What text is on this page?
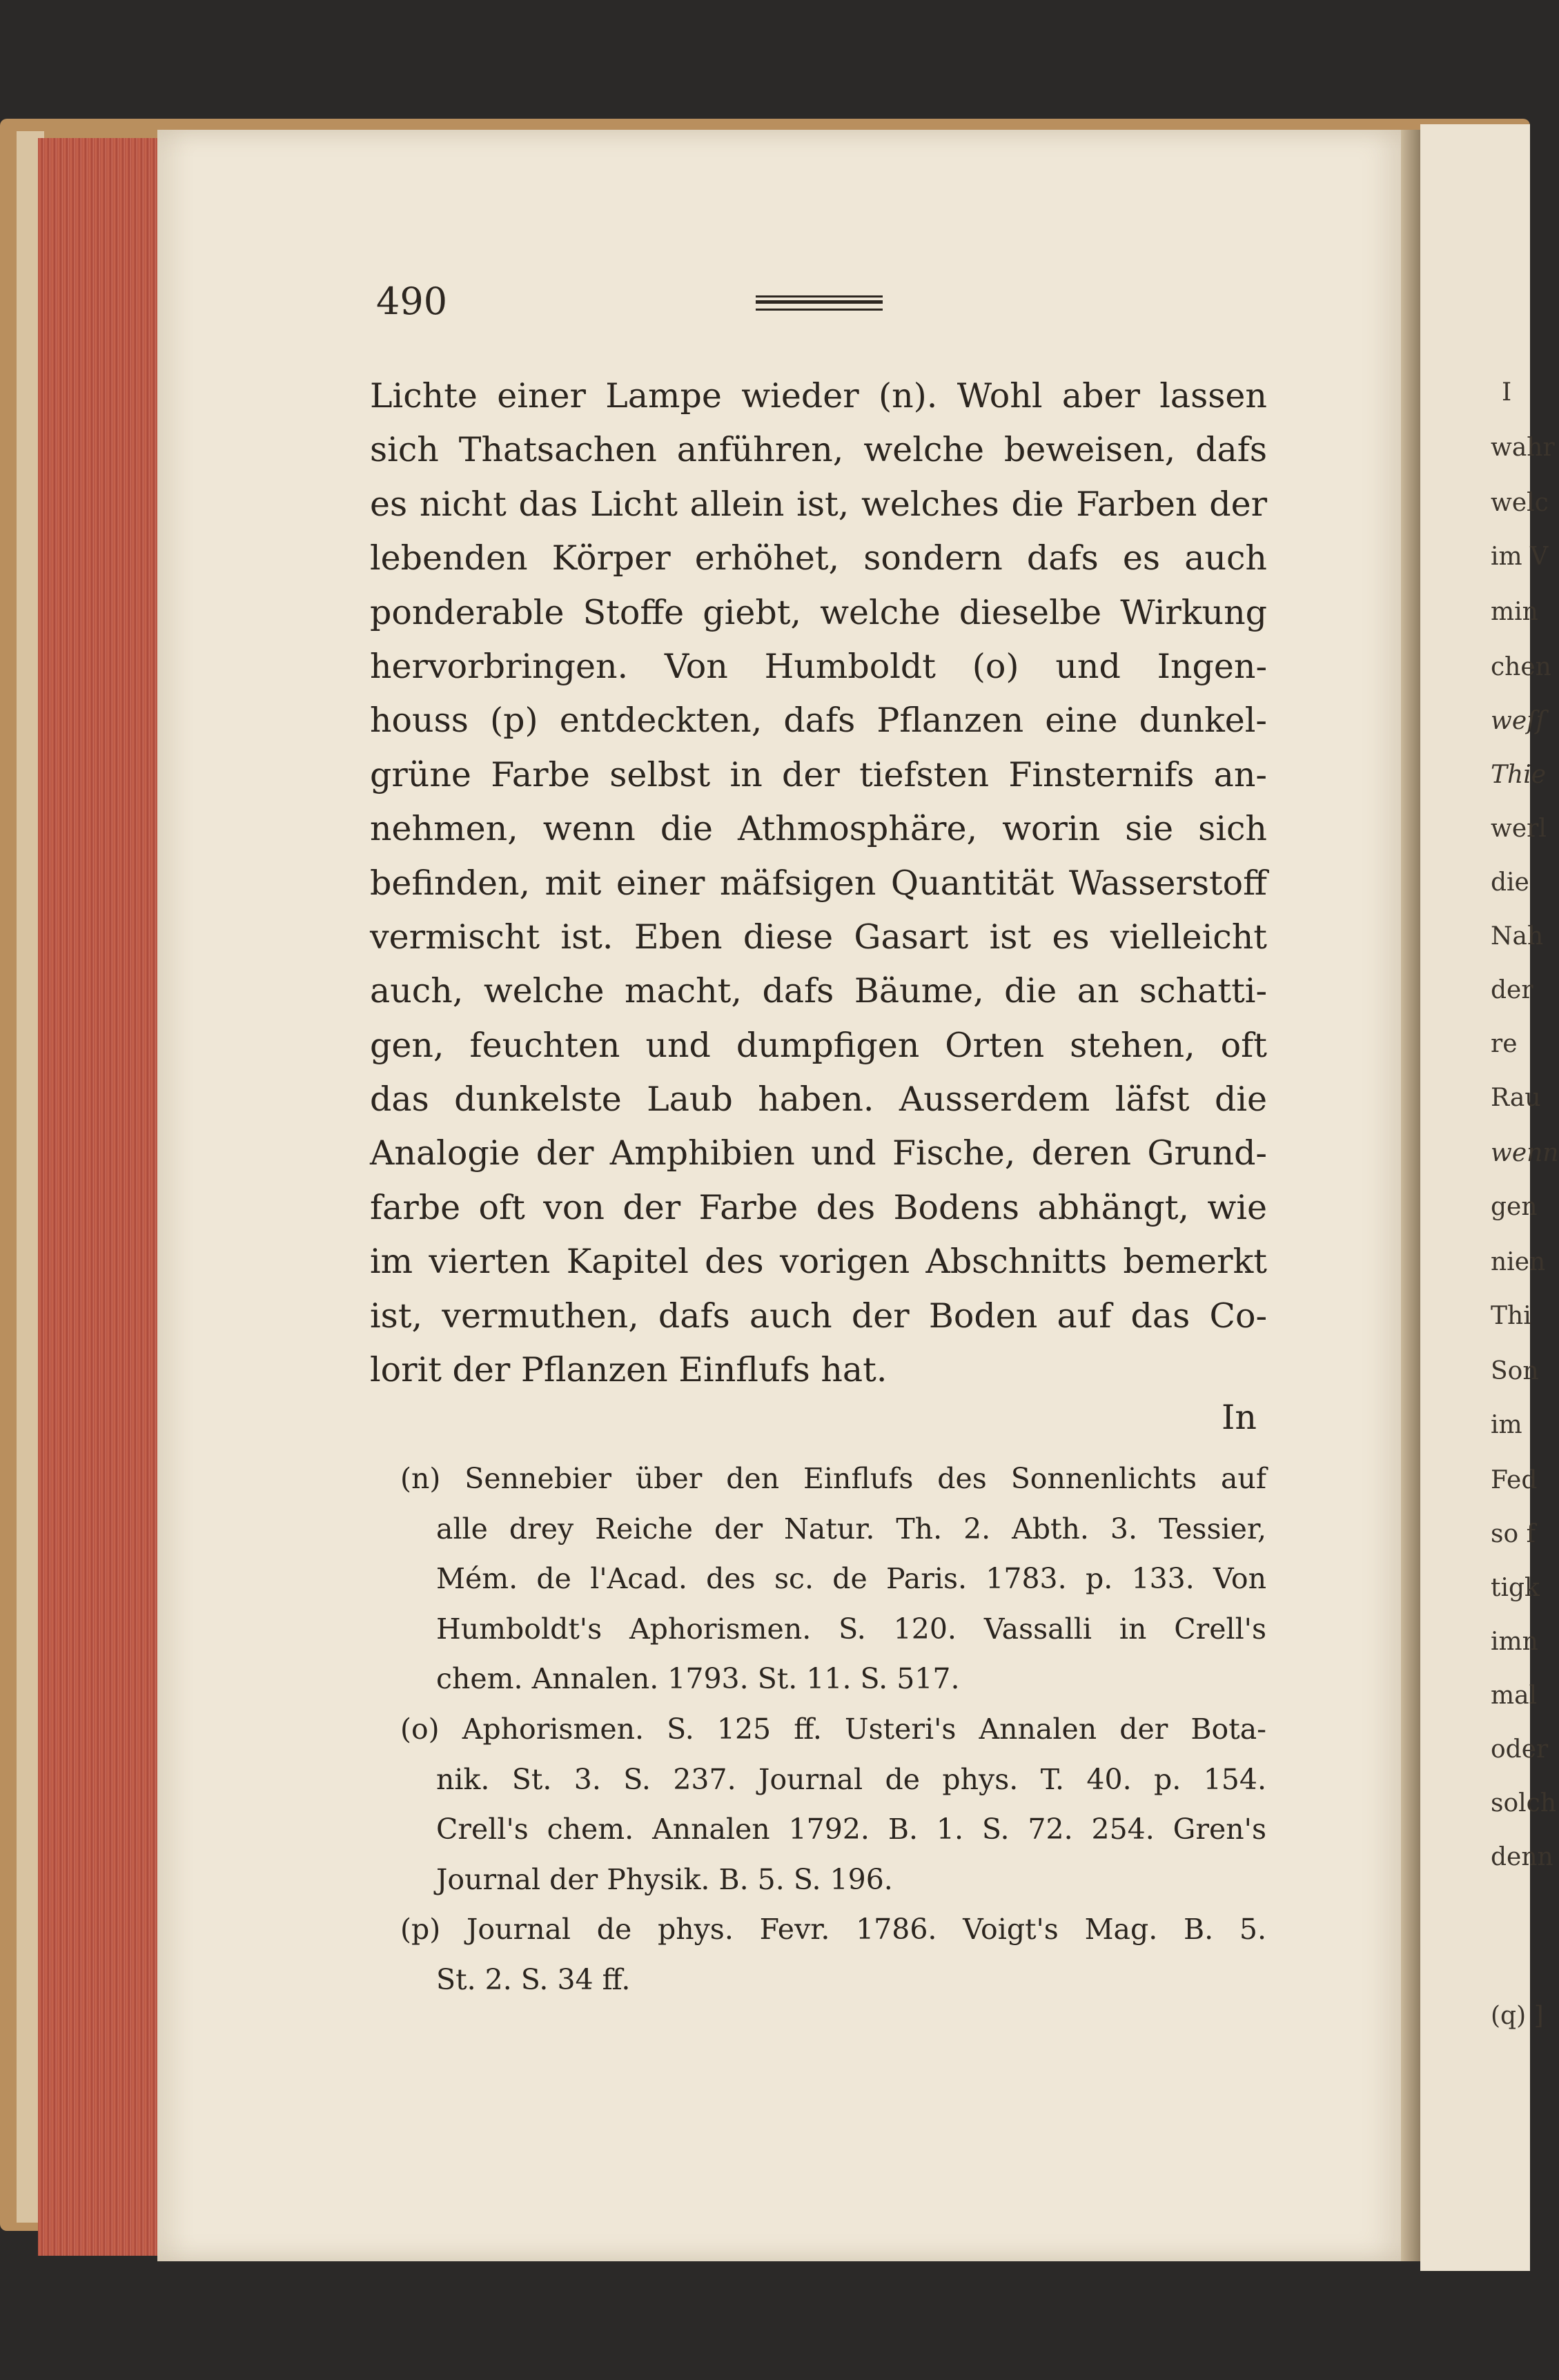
I
wahr
welc
im V
min
chen
weſſ
Thie
werl
die
Nah
der
re
Rau
wenn
gen
nien
Thi
Son
im
Fed
so f
tigk
imn
mal
oder
solch
denn
(q) ]
490
Lichte einer Lampe wieder (n). Wohl aber lassen
sich Thatsachen anführen, welche beweisen, dafs
es nicht das Licht allein ist, welches die Farben der
lebenden Körper erhöhet, sondern dafs es auch
ponderable Stoffe giebt, welche dieselbe Wirkung
hervorbringen. Von Humboldt (o) und Ingen-
houss (p) entdeckten, dafs Pflanzen eine dunkel-
grüne Farbe selbst in der tiefsten Finsternifs an-
nehmen, wenn die Athmosphäre, worin sie sich
befinden, mit einer mäfsigen Quantität Wasserstoff
vermischt ist. Eben diese Gasart ist es vielleicht
auch, welche macht, dafs Bäume, die an schatti-
gen, feuchten und dumpfigen Orten stehen, oft
das dunkelste Laub haben. Ausserdem läfst die
Analogie der Amphibien und Fische, deren Grund-
farbe oft von der Farbe des Bodens abhängt, wie
im vierten Kapitel des vorigen Abschnitts bemerkt
ist, vermuthen, dafs auch der Boden auf das Co-
lorit der Pflanzen Einflufs hat.
In
(n) Sennebier über den Einflufs des Sonnenlichts auf
alle drey Reiche der Natur. Th. 2. Abth. 3. Tessier,
Mém. de l'Acad. des sc. de Paris. 1783. p. 133. Von
Humboldt's Aphorismen. S. 120. Vassalli in Crell's
chem. Annalen. 1793. St. 11. S. 517.
(o) Aphorismen. S. 125 ff. Usteri's Annalen der Bota-
nik. St. 3. S. 237. Journal de phys. T. 40. p. 154.
Crell's chem. Annalen 1792. B. 1. S. 72. 254. Gren's
Journal der Physik. B. 5. S. 196.
(p) Journal de phys. Fevr. 1786. Voigt's Mag. B. 5.
St. 2. S. 34 ff.
